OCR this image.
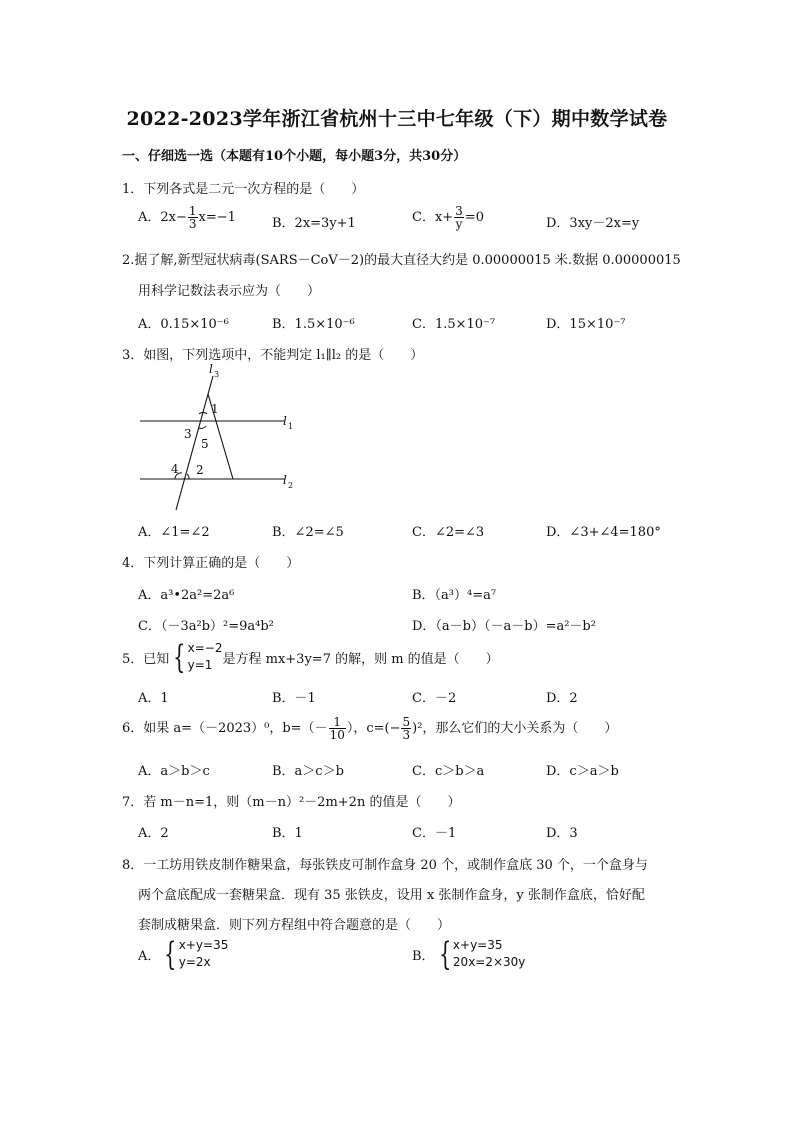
2022-2023学年浙江省杭州十三中七年级（下）期中数学试卷
一、仔细选一选（本题有10个小题，每小题3分，共30分）
1．下列各式是二元一次方程的是（　　）
A．$2x- \frac{1}{3} x=-1$	B．2x=3y+1	C．$x+ \frac{3}{y} =0$	D．3xy－2x=y
2.据了解,新型冠状病毒(SARS－CoV－2)的最大直径大约是 0.00000015 米.数据 0.00000015
用科学记数法表示应为（　　）
A．0.15×10⁻⁶	B．1.5×10⁻⁶	C．1.5×10⁻⁷	D．15×10⁻⁷
3．如图，下列选项中，不能判定 l₁∥l₂ 的是（　　）
l 3
l 1
l 2
1
3
5
4 2
A．∠1=∠2	B．∠2=∠5	C．∠2=∠3	D．∠3+∠4=180°
4．下列计算正确的是（　　）
A．a³•2a²=2a⁶	B．（a³）⁴=a⁷
C．（－3a²b）²=9a⁴b²	D．（a－b）（－a－b）=a²－b²
5．已知 { x=−2
y=1 是方程 mx+3y=7 的解，则 m 的值是（　　）
A．1	B．－1	C．－2	D．2
6．如果 a=（－2023）⁰，$b=(- \frac{1}{10}$ ），$c=(- \frac{5}{3} )^2$，那么它们的大小关系为（　　）
A．a＞b＞c	B．a＞c＞b	C．c＞b＞a	D．c＞a＞b
7．若 m－n=1，则（m－n）²－2m+2n 的值是（　　）
A．2	B．1	C．－1	D．3
8．一工坊用铁皮制作糖果盒，每张铁皮可制作盒身 20 个，或制作盒底 30 个，一个盒身与
两个盒底配成一套糖果盒．现有 35 张铁皮，设用 x 张制作盒身，y 张制作盒底，恰好配
套制成糖果盒．则下列方程组中符合题意的是（　　）
A． { x+y=35
y=2x	B． { x+y=35
20x=2×30y
